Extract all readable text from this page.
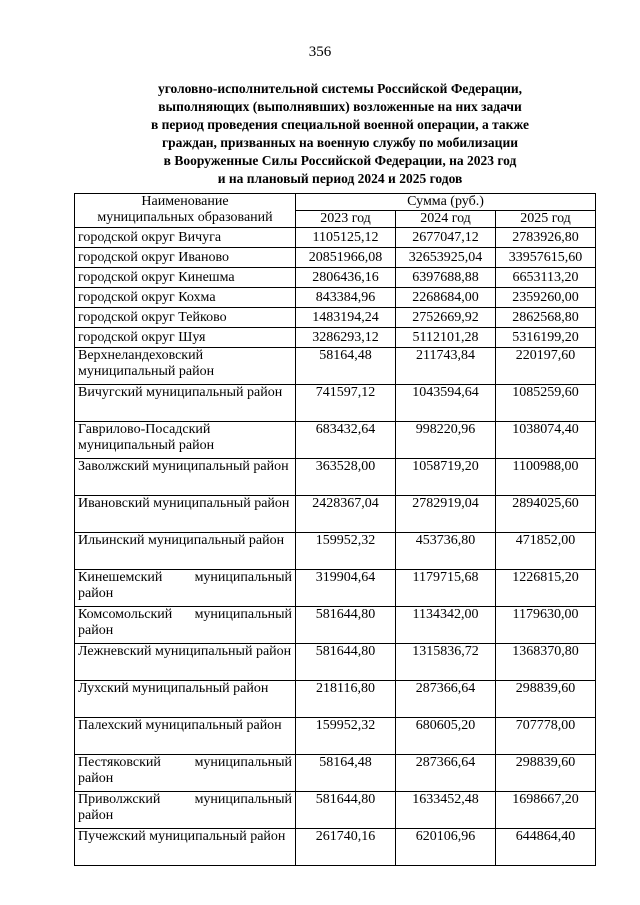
356
уголовно-исполнительной системы Российской Федерации,
выполняющих (выполнявших) возложенные на них задачи
в период проведения специальной военной операции, а также
граждан, призванных на военную службу по мобилизации
в Вооруженные Силы Российской Федерации, на 2023 год
и на плановый период 2024 и 2025 годов
Наименование
муниципальных образований	Сумма (руб.)		
	2023 год	2024 год	2025 год
городской округ Вичуга	1105125,12	2677047,12	2783926,80
городской округ Иваново	20851966,08	32653925,04	33957615,60
городской округ Кинешма	2806436,16	6397688,88	6653113,20
городской округ Кохма	843384,96	2268684,00	2359260,00
городской округ Тейково	1483194,24	2752669,92	2862568,80
городской округ Шуя	3286293,12	5112101,28	5316199,20
Верхнеландеховский муниципальный район	58164,48	211743,84	220197,60
Вичугский муниципальный район	741597,12	1043594,64	1085259,60
Гаврилово-Посадский муниципальный район	683432,64	998220,96	1038074,40
Заволжский муниципальный район	363528,00	1058719,20	1100988,00
Ивановский муниципальный район	2428367,04	2782919,04	2894025,60
Ильинский муниципальный район	159952,32	453736,80	471852,00
Кинешемский муниципальный район	319904,64	1179715,68	1226815,20
Комсомольский муниципальный район	581644,80	1134342,00	1179630,00
Лежневский муниципальный район	581644,80	1315836,72	1368370,80
Лухский муниципальный район	218116,80	287366,64	298839,60
Палехский муниципальный район	159952,32	680605,20	707778,00
Пестяковский муниципальный район	58164,48	287366,64	298839,60
Приволжский муниципальный район	581644,80	1633452,48	1698667,20
Пучежский муниципальный район	261740,16	620106,96	644864,40
